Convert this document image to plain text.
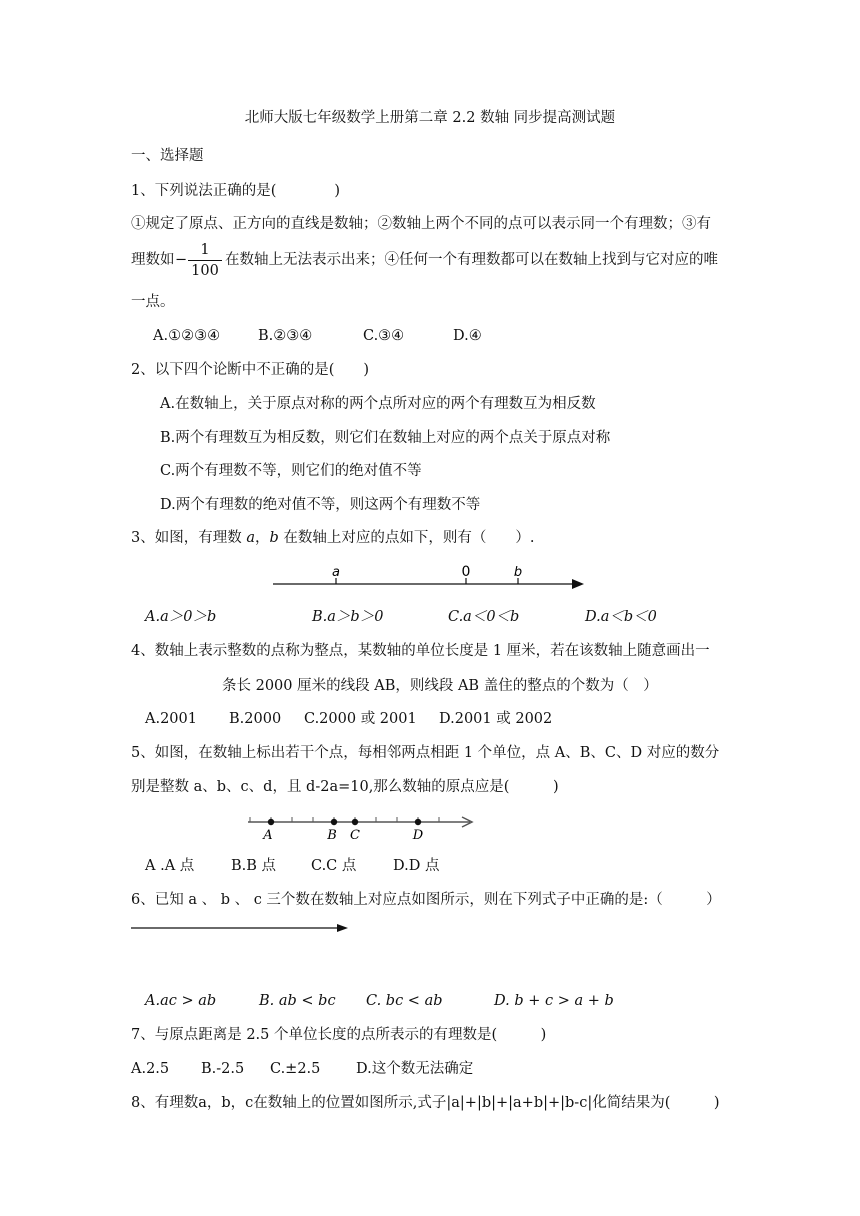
北师大版七年级数学上册第二章 2.2 数轴 同步提高测试题
一、选择题
1、下列说法正确的是(　　　　)
①规定了原点、正方向的直线是数轴；②数轴上两个不同的点可以表示同一个有理数；③有
理数如 −
1
100
在数轴上无法表示出来；④任何一个有理数都可以在数轴上找到与它对应的唯
一点。
A.①②③④	B.②③④	C.③④	D.④
2、以下四个论断中不正确的是(　　)
A.在数轴上，关于原点对称的两个点所对应的两个有理数互为相反数
B.两个有理数互为相反数，则它们在数轴上对应的两个点关于原点对称
C.两个有理数不等，则它们的绝对值不等
D.两个有理数的绝对值不等，则这两个有理数不等
3、如图，有理数 a，b 在数轴上对应的点如下，则有（　　）.
a	0	b
A	B C	D
A.a＞0＞b	B.a＞b＞0	C.a＜0＜b	D.a＜b＜0
4、数轴上表示整数的点称为整点，某数轴的单位长度是 1 厘米，若在该数轴上随意画出一
条长 2000 厘米的线段 AB，则线段 AB 盖住的整点的个数为（　）
A.2001 B.2000 C.2000 或 2001 D.2001 或 2002
5、如图，在数轴上标出若干个点，每相邻两点相距 1 个单位，点 A、B、C、D 对应的数分
别是整数 a、b、c、d，且 d-2a=10,那么数轴的原点应是(　　　)
A .A 点	B.B 点 C.C 点	D.D 点
6、已知 a 、 b 、 c 三个数在数轴上对应点如图所示，则在下列式子中正确的是:（　　　）
A.ac > ab	B. ab < bc C. bc < ab	D. b + c > a + b
7、与原点距离是 2.5 个单位长度的点所表示的有理数是(　　　)
A.2.5 B.-2.5 C.±2.5 D.这个数无法确定
8、有理数a，b，c在数轴上的位置如图所示,式子|a|+|b|+|a+b|+|b-c|化简结果为(　　　)
